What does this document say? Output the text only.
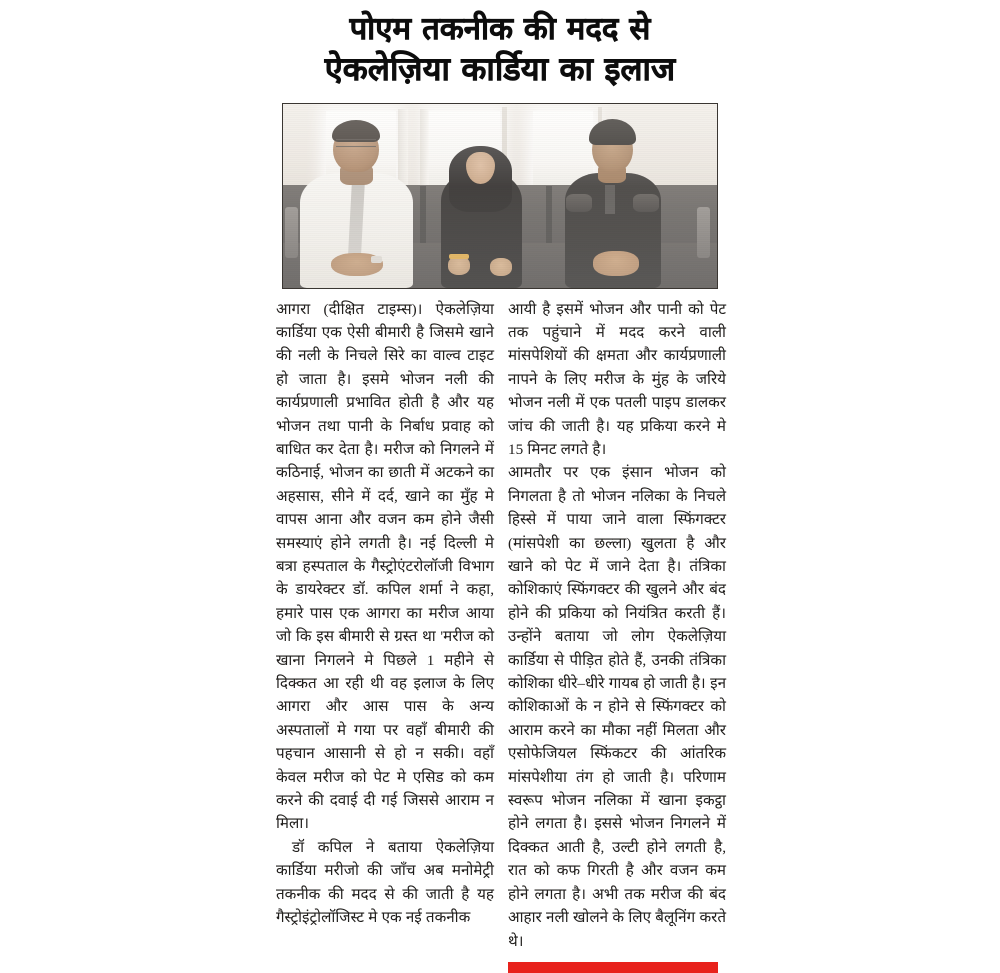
पोएम तकनीक की मदद से
ऐकलेज़िया कार्डिया का इलाज

आगरा (दीक्षित टाइम्स)। ऐकलेज़िया कार्डिया एक ऐसी बीमारी है जिसमे खाने की नली के निचले सिरे का वाल्व टाइट हो जाता है। इसमे भोजन नली की कार्यप्रणाली प्रभावित होती है और यह भोजन तथा पानी के निर्बाध प्रवाह को बाधित कर देता है। मरीज को निगलने में कठिनाई, भोजन का छाती में अटकने का अहसास, सीने में दर्द, खाने का मुँह मे वापस आना और वजन कम होने जैसी समस्याएं होने लगती है। नई दिल्ली मे बत्रा हस्पताल के गैस्ट्रोएंटरोलॉजी विभाग के डायरेक्टर डॉ. कपिल शर्मा ने कहा, हमारे पास एक आगरा का मरीज आया जो कि इस बीमारी से ग्रस्त था 'मरीज को खाना निगलने मे पिछले 1 महीने से दिक्कत आ रही थी वह इलाज के लिए आगरा और आस पास के अन्य अस्पतालों मे गया पर वहाँ बीमारी की पहचान आसानी से हो न सकी। वहाँ केवल मरीज को पेट मे एसिड को कम करने की दवाई दी गई जिससे आराम न मिला।

डॉ कपिल ने बताया ऐकलेज़िया कार्डिया मरीजो की जाँच अब मनोमेट्री तकनीक की मदद से की जाती है यह गैस्ट्रोइंट्रोलॉजिस्ट मे एक नई तकनीक

आयी है इसमें भोजन और पानी को पेट तक पहुंचाने में मदद करने वाली मांसपेशियों की क्षमता और कार्यप्रणाली नापने के लिए मरीज के मुंह के जरिये भोजन नली में एक पतली पाइप डालकर जांच की जाती है। यह प्रकिया करने मे 15 मिनट लगते है।

आमतौर पर एक इंसान भोजन को निगलता है तो भोजन नलिका के निचले हिस्से में पाया जाने वाला स्फिंगक्टर (मांसपेशी का छल्ला) खुलता है और खाने को पेट में जाने देता है। तंत्रिका कोशिकाएं स्फिंगक्टर की खुलने और बंद होने की प्रकिया को नियंत्रित करती हैं। उन्होंने बताया जो लोग ऐकलेज़िया कार्डिया से पीड़ित होते हैं, उनकी तंत्रिका कोशिका धीरे–धीरे गायब हो जाती है। इन कोशिकाओं के न होने से स्फिंगक्टर को आराम करने का मौका नहीं मिलता और एसोफेजियल स्फिंकटर की आंतरिक मांसपेशीया तंग हो जाती है। परिणाम स्वरूप भोजन नलिका में खाना इकट्ठा होने लगता है। इससे भोजन निगलने में दिक्कत आती है, उल्टी होने लगती है, रात को कफ गिरती है और वजन कम होने लगता है। अभी तक मरीज की बंद आहार नली खोलने के लिए बैलूनिंग करते थे।
